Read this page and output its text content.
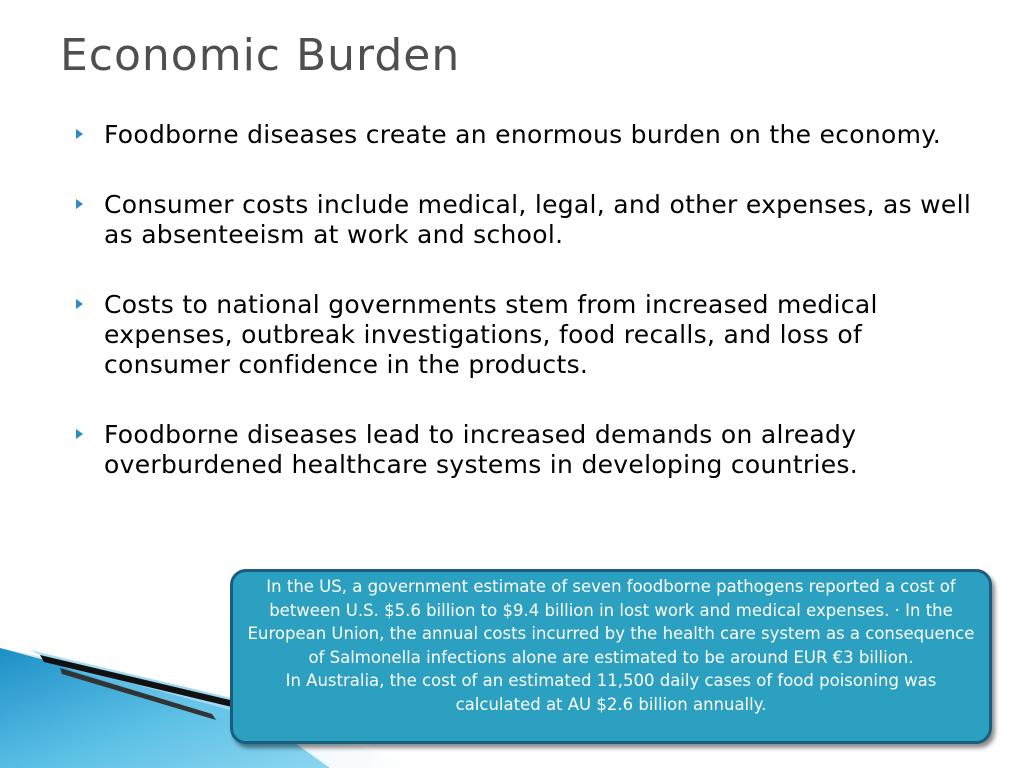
Economic Burden
Foodborne diseases create an enormous burden on the economy.
Consumer costs include medical, legal, and other expenses, as well as absenteeism at work and school.
Costs to national governments stem from increased medical expenses, outbreak investigations, food recalls, and loss of consumer confidence in the products.
Foodborne diseases lead to increased demands on already overburdened healthcare systems in developing countries.

In the US, a government estimate of seven foodborne pathogens reported a cost of between U.S. $5.6 billion to $9.4 billion in lost work and medical expenses. · In the European Union, the annual costs incurred by the health care system as a consequence of Salmonella infections alone are estimated to be around EUR €3 billion.

In Australia, the cost of an estimated 11,500 daily cases of food poisoning was calculated at AU $2.6 billion annually.
